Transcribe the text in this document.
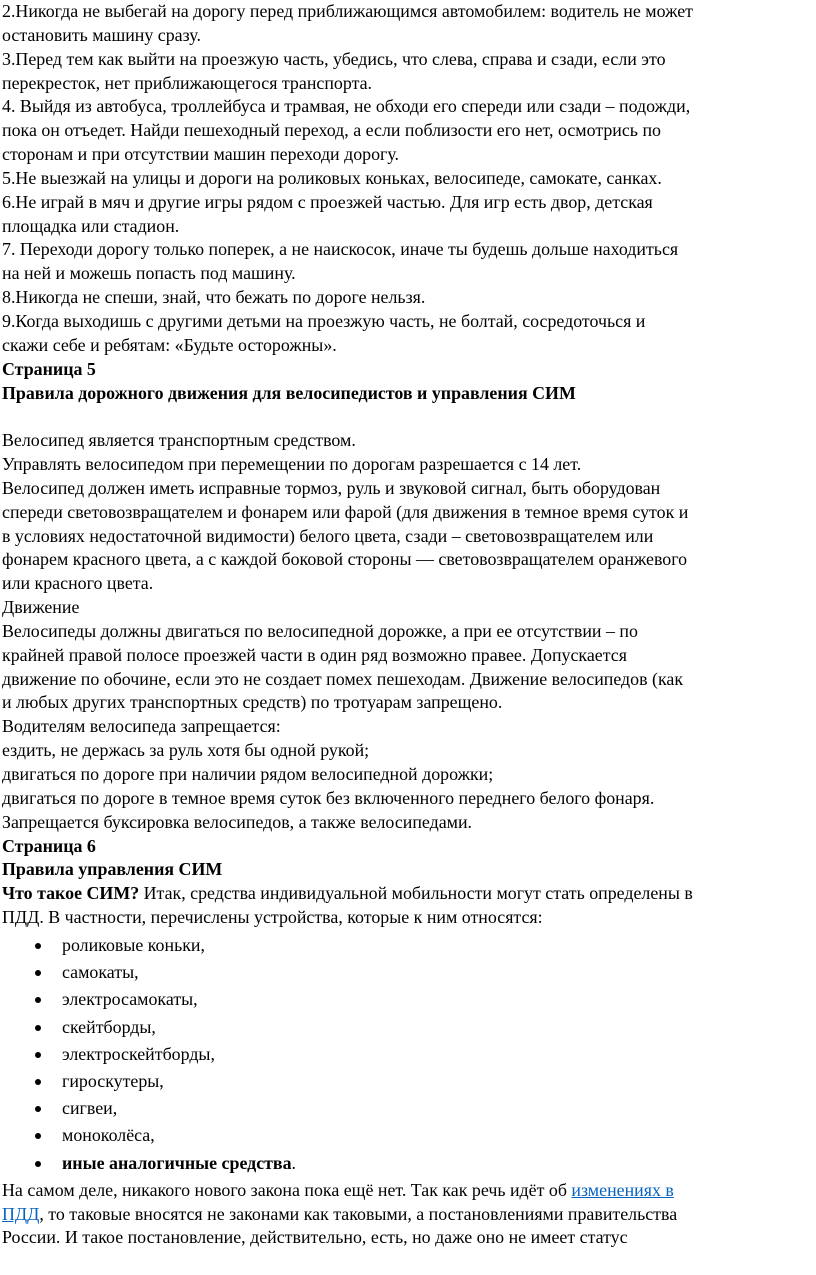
2.Никогда не выбегай на дорогу перед приближающимся автомобилем: водитель не может
остановить машину сразу.
3.Перед тем как выйти на проезжую часть, убедись, что слева, справа и сзади, если это
перекресток, нет приближающегося транспорта.
4. Выйдя из автобуса, троллейбуса и трамвая, не обходи его спереди или сзади – подожди,
пока он отъедет. Найди пешеходный переход, а если поблизости его нет, осмотрись по
сторонам и при отсутствии машин переходи дорогу.
5.Не выезжай на улицы и дороги на роликовых коньках, велосипеде, самокате, санках.
6.Не играй в мяч и другие игры рядом с проезжей частью. Для игр есть двор, детская
площадка или стадион.
7. Переходи дорогу только поперек, а не наискосок, иначе ты будешь дольше находиться
на ней и можешь попасть под машину.
8.Никогда не спеши, знай, что бежать по дороге нельзя.
9.Когда выходишь с другими детьми на проезжую часть, не болтай, сосредоточься и
скажи себе и ребятам: «Будьте осторожны».
Страница 5
Правила дорожного движения для велосипедистов и управления СИМ
Велосипед является транспортным средством.
Управлять велосипедом при перемещении по дорогам разрешается с 14 лет.
Велосипед должен иметь исправные тормоз, руль и звуковой сигнал, быть оборудован
спереди световозвращателем и фонарем или фарой (для движения в темное время суток и
в условиях недостаточной видимости) белого цвета, сзади – световозвращателем или
фонарем красного цвета, а с каждой боковой стороны — световозвращателем оранжевого
или красного цвета.
Движение
Велосипеды должны двигаться по велосипедной дорожке, а при ее отсутствии – по
крайней правой полосе проезжей части в один ряд возможно правее. Допускается
движение по обочине, если это не создает помех пешеходам. Движение велосипедов (как
и любых других транспортных средств) по тротуарам запрещено.
Водителям велосипеда запрещается:
ездить, не держась за руль хотя бы одной рукой;
двигаться по дороге при наличии рядом велосипедной дорожки;
двигаться по дороге в темное время суток без включенного переднего белого фонаря.
Запрещается буксировка велосипедов, а также велосипедами.
Страница 6
Правила управления СИМ
Что такое СИМ? Итак, средства индивидуальной мобильности могут стать определены в
ПДД. В частности, перечислены устройства, которые к ним относятся:
роликовые коньки,
самокаты,
электросамокаты,
скейтборды,
электроскейтборды,
гироскутеры,
сигвеи,
моноколёса,
иные аналогичные средства.
На самом деле, никакого нового закона пока ещё нет. Так как речь идёт об изменениях в
ПДД, то таковые вносятся не законами как таковыми, а постановлениями правительства
России. И такое постановление, действительно, есть, но даже оно не имеет статус
